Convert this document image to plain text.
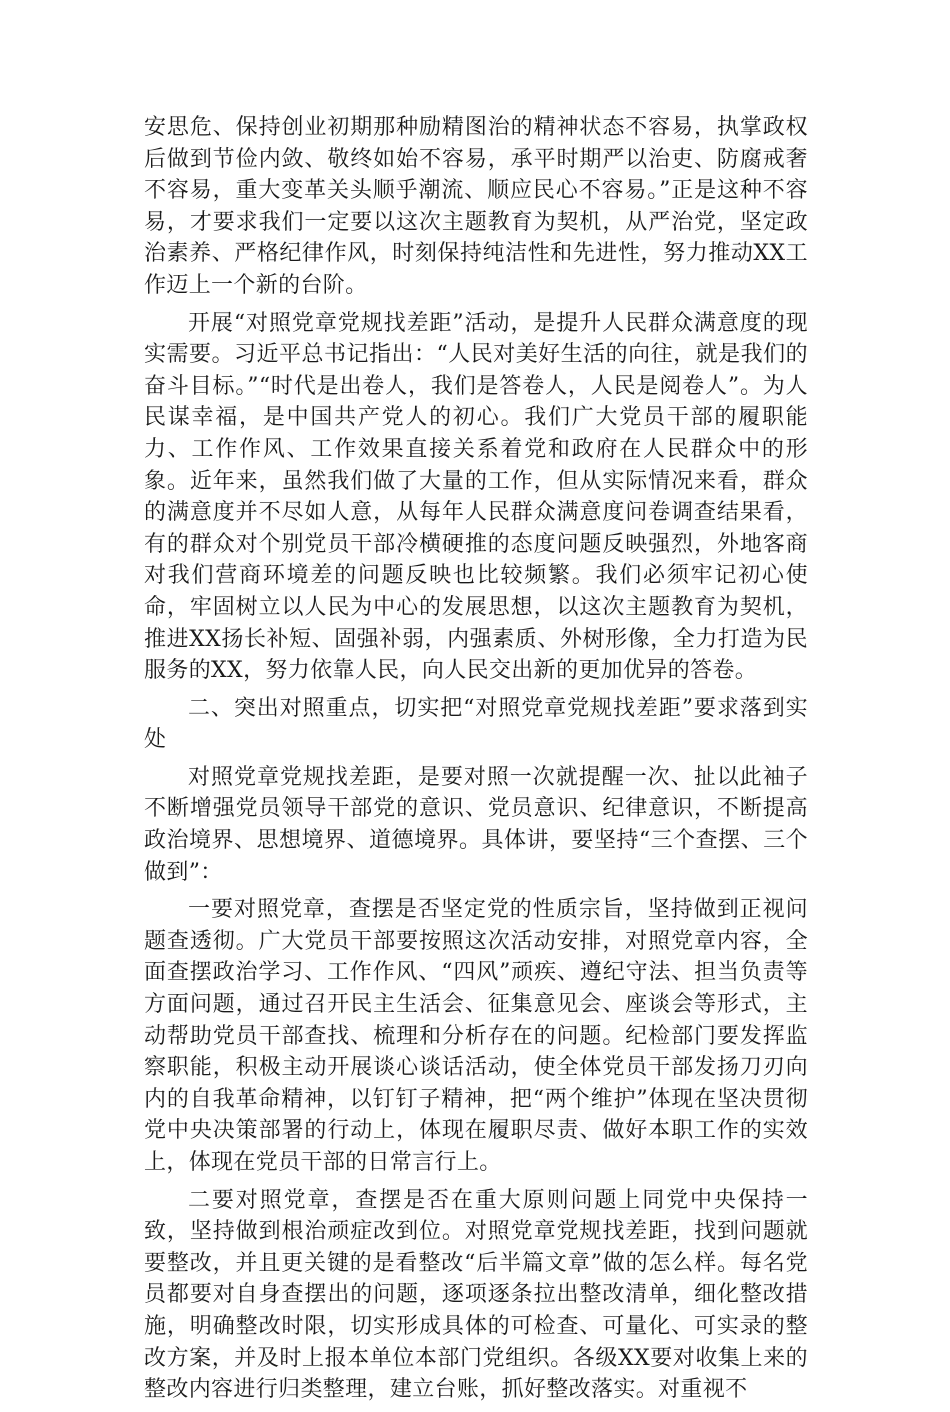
安思危、保持创业初期那种励精图治的精神状态不容易，执掌政权后做到节俭内敛、敬终如始不容易，承平时期严以治吏、防腐戒奢不容易，重大变革关头顺乎潮流、顺应民心不容易。”正是这种不容易，才要求我们一定要以这次主题教育为契机，从严治党，坚定政治素养、严格纪律作风，时刻保持纯洁性和先进性，努力推动XX工作迈上一个新的台阶。

开展“对照党章党规找差距”活动，是提升人民群众满意度的现实需要。习近平总书记指出：“人民对美好生活的向往，就是我们的奋斗目标。”“时代是出卷人，我们是答卷人，人民是阅卷人”。为人民谋幸福，是中国共产党人的初心。我们广大党员干部的履职能力、工作作风、工作效果直接关系着党和政府在人民群众中的形象。近年来，虽然我们做了大量的工作，但从实际情况来看，群众的满意度并不尽如人意，从每年人民群众满意度问卷调查结果看，有的群众对个别党员干部冷横硬推的态度问题反映强烈，外地客商对我们营商环境差的问题反映也比较频繁。我们必须牢记初心使命，牢固树立以人民为中心的发展思想，以这次主题教育为契机，推进XX扬长补短、固强补弱，内强素质、外树形像，全力打造为民服务的XX，努力依靠人民，向人民交出新的更加优异的答卷。

二、突出对照重点，切实把“对照党章党规找差距”要求落到实处

对照党章党规找差距，是要对照一次就提醒一次、扯以此袖子不断增强党员领导干部党的意识、党员意识、纪律意识，不断提高政治境界、思想境界、道德境界。具体讲，要坚持“三个查摆、三个做到”：

一要对照党章，查摆是否坚定党的性质宗旨，坚持做到正视问题查透彻。广大党员干部要按照这次活动安排，对照党章内容，全面查摆政治学习、工作作风、“四风”顽疾、遵纪守法、担当负责等方面问题，通过召开民主生活会、征集意见会、座谈会等形式，主动帮助党员干部查找、梳理和分析存在的问题。纪检部门要发挥监察职能，积极主动开展谈心谈话活动，使全体党员干部发扬刀刃向内的自我革命精神，以钉钉子精神，把“两个维护”体现在坚决贯彻党中央决策部署的行动上，体现在履职尽责、做好本职工作的实效上，体现在党员干部的日常言行上。

二要对照党章，查摆是否在重大原则问题上同党中央保持一致，坚持做到根治顽症改到位。对照党章党规找差距，找到问题就要整改，并且更关键的是看整改“后半篇文章”做的怎么样。每名党员都要对自身查摆出的问题，逐项逐条拉出整改清单，细化整改措施，明确整改时限，切实形成具体的可检查、可量化、可实录的整改方案，并及时上报本单位本部门党组织。各级XX要对收集上来的整改内容进行归类整理，建立台账，抓好整改落实。对重视不
